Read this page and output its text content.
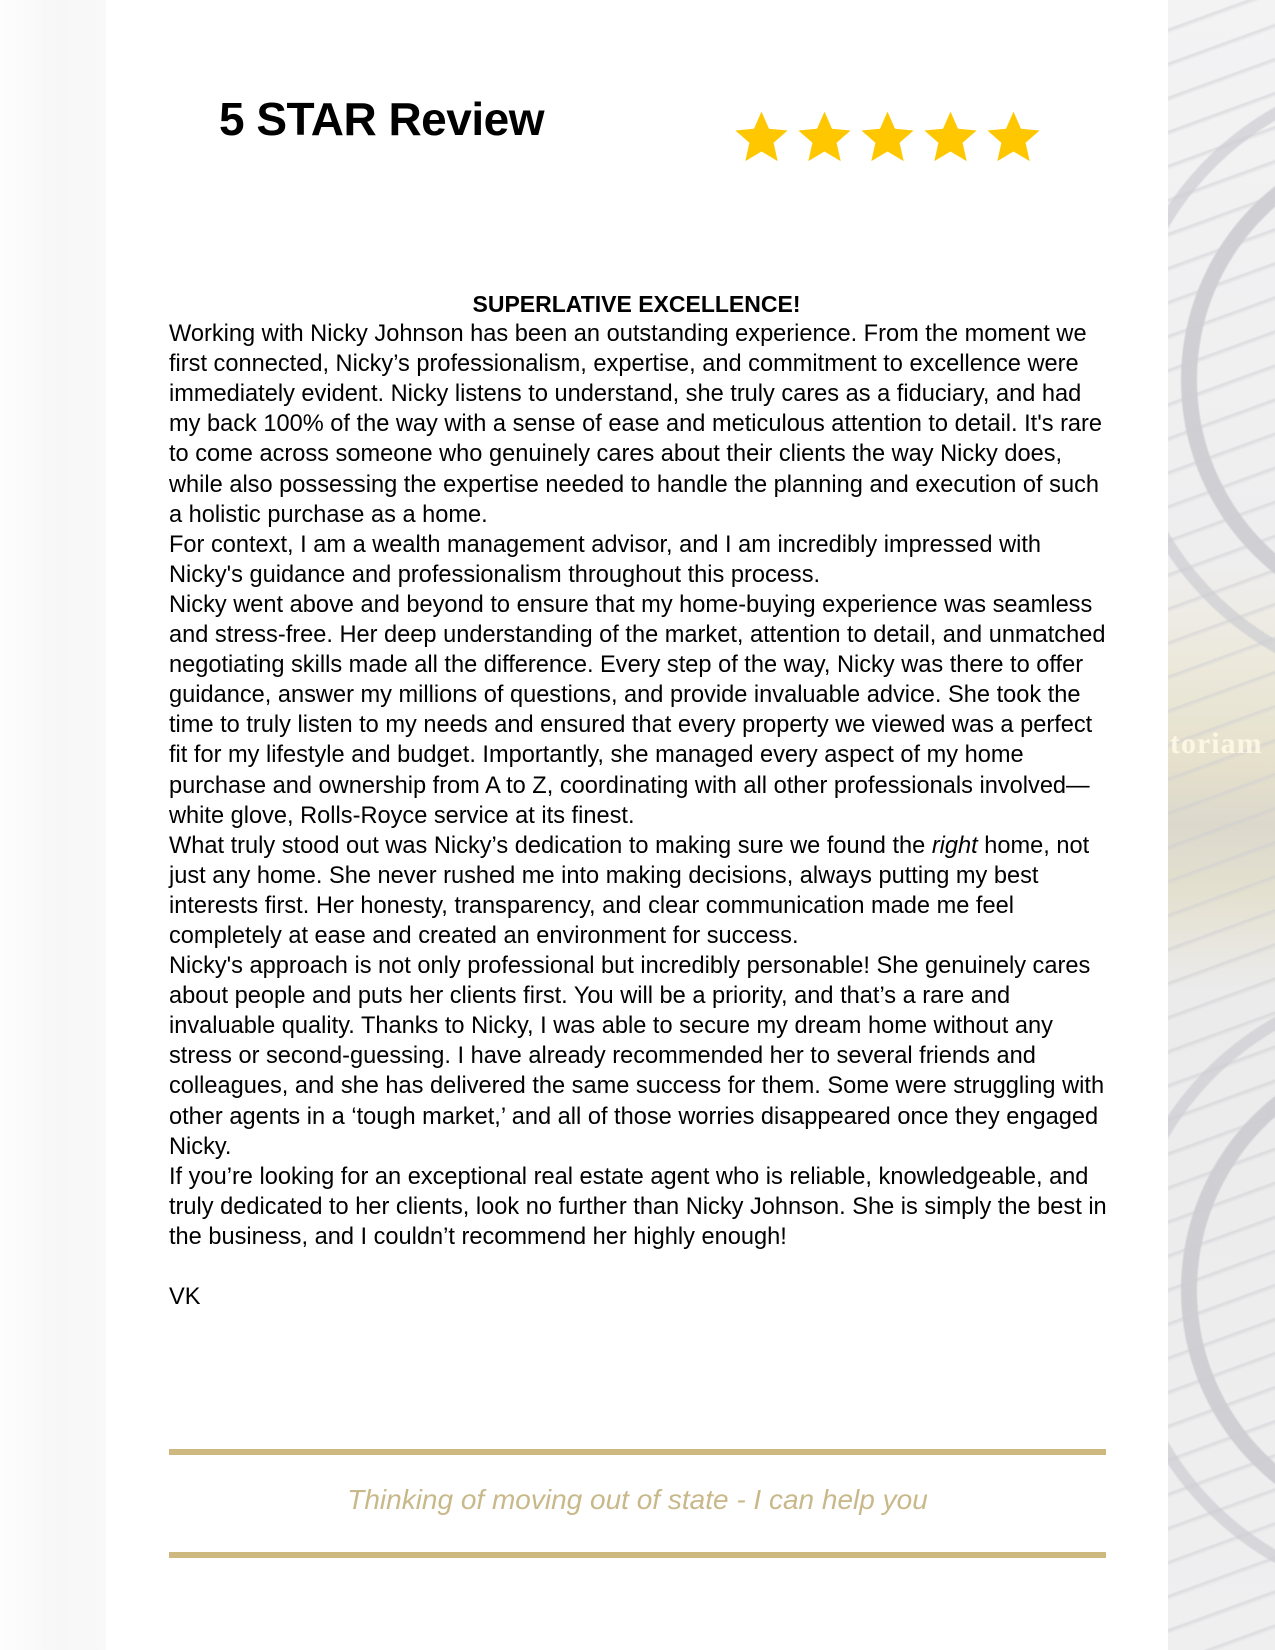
toriam
5 STAR Review
SUPERLATIVE EXCELLENCE!

Working with Nicky Johnson has been an outstanding experience. From the moment we first connected, Nicky’s professionalism, expertise, and commitment to excellence were immediately evident. Nicky listens to understand, she truly cares as a fiduciary, and had my back 100% of the way with a sense of ease and meticulous attention to detail. It's rare to come across someone who genuinely cares about their clients the way Nicky does, while also possessing the expertise needed to handle the planning and execution of such a holistic purchase as a home.

For context, I am a wealth management advisor, and I am incredibly impressed with Nicky's guidance and professionalism throughout this process.

Nicky went above and beyond to ensure that my home-buying experience was seamless and stress-free. Her deep understanding of the market, attention to detail, and unmatched negotiating skills made all the difference. Every step of the way, Nicky was there to offer guidance, answer my millions of questions, and provide invaluable advice. She took the time to truly listen to my needs and ensured that every property we viewed was a perfect fit for my lifestyle and budget. Importantly, she managed every aspect of my home purchase and ownership from A to Z, coordinating with all other professionals involved—white glove, Rolls-Royce service at its finest.

What truly stood out was Nicky’s dedication to making sure we found the right home, not just any home. She never rushed me into making decisions, always putting my best interests first. Her honesty, transparency, and clear communication made me feel completely at ease and created an environment for success.

Nicky's approach is not only professional but incredibly personable! She genuinely cares about people and puts her clients first. You will be a priority, and that’s a rare and invaluable quality. Thanks to Nicky, I was able to secure my dream home without any stress or second-guessing. I have already recommended her to several friends and colleagues, and she has delivered the same success for them. Some were struggling with other agents in a ‘tough market,’ and all of those worries disappeared once they engaged Nicky.

If you’re looking for an exceptional real estate agent who is reliable, knowledgeable, and truly dedicated to her clients, look no further than Nicky Johnson. She is simply the best in the business, and I couldn’t recommend her highly enough!

VK

Thinking of moving out of state - I can help you
